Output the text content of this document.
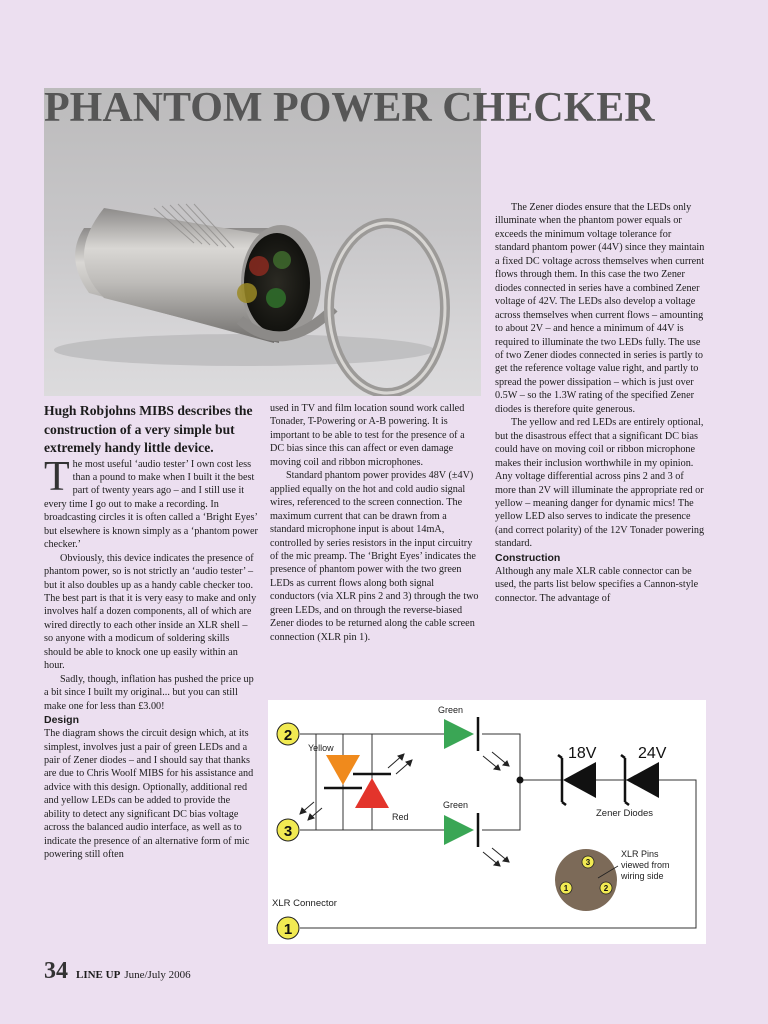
PHANTOM POWER CHECKER

Hugh Robjohns MIBS describes the construction of a very simple but extremely handy little device.

The most useful ‘audio tester’ I own cost less than a pound to make when I built it the best part of twenty years ago – and I still use it every time I go out to make a recording. In broadcasting circles it is often called a ‘Bright Eyes’ but elsewhere is known simply as a ‘phantom power checker.’

Obviously, this device indicates the presence of phantom power, so is not strictly an ‘audio tester’ – but it also doubles up as a handy cable checker too. The best part is that it is very easy to make and only involves half a dozen components, all of which are wired directly to each other inside an XLR shell – so anyone with a modicum of soldering skills should be able to knock one up easily within an hour.

Sadly, though, inflation has pushed the price up a bit since I built my original... but you can still make one for less than £3.00!

Design

The diagram shows the circuit design which, at its simplest, involves just a pair of green LEDs and a pair of Zener diodes – and I should say that thanks are due to Chris Woolf MIBS for his assistance and advice with this design. Optionally, additional red and yellow LEDs can be added to provide the ability to detect any significant DC bias voltage across the balanced audio interface, as well as to indicate the presence of an alternative form of mic powering still often

used in TV and film location sound work called Tonader, T-Powering or A-B powering. It is important to be able to test for the presence of a DC bias since this can affect or even damage moving coil and ribbon microphones.

Standard phantom power provides 48V (±4V) applied equally on the hot and cold audio signal wires, referenced to the screen connection. The maximum current that can be drawn from a standard microphone input is about 14mA, controlled by series resistors in the input circuitry of the mic preamp. The ‘Bright Eyes’ indicates the presence of phantom power with the two green LEDs as current flows along both signal conductors (via XLR pins 2 and 3) through the two green LEDs, and on through the reverse-biased Zener diodes to be returned along the cable screen connection (XLR pin 1).

The Zener diodes ensure that the LEDs only illuminate when the phantom power equals or exceeds the minimum voltage tolerance for standard phantom power (44V) since they maintain a fixed DC voltage across themselves when current flows through them. In this case the two Zener diodes connected in series have a combined Zener voltage of 42V. The LEDs also develop a voltage across themselves when current flows – amounting to about 2V – and hence a minimum of 44V is required to illuminate the two LEDs fully. The use of two Zener diodes connected in series is partly to get the reference voltage value right, and partly to spread the power dissipation – which is just over 0.5W – so the 1.3W rating of the specified Zener diodes is therefore quite generous.

The yellow and red LEDs are entirely optional, but the disastrous effect that a significant DC bias could have on moving coil or ribbon microphone makes their inclusion worthwhile in my opinion. Any voltage differential across pins 2 and 3 of more than 2V will illuminate the appropriate red or yellow – meaning danger for dynamic mics! The yellow LED also serves to indicate the presence (and correct polarity) of the 12V Tonader powering standard.

Construction

Although any male XLR cable connector can be used, the parts list below specifies a Cannon-style connector. The advantage of

2
3
1
Green
Green
Yellow
Red
18V	24V
Zener Diodes
XLR Connector
3
1	2
XLR Pins
viewed from
wiring side
34 LINE UP June/July 2006
